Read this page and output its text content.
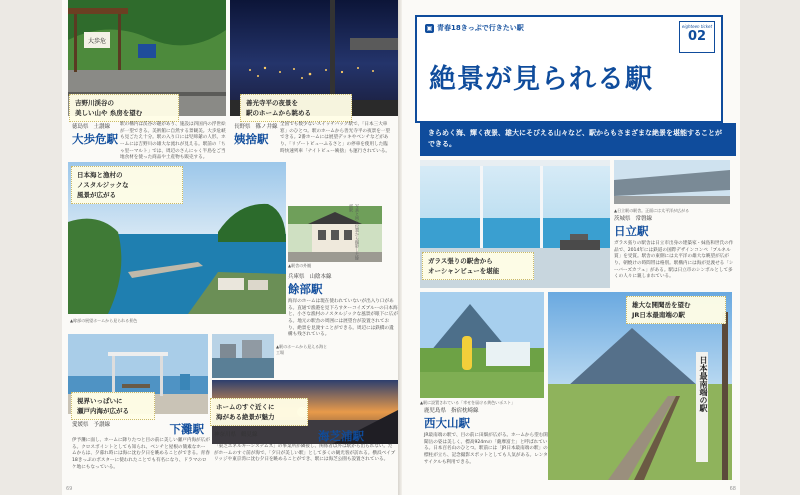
大歩危
吉野川渓谷の
美しい山や 糸房を望む
善光寺平の夜景を
駅のホームから眺める
徳島県 土讃線
大歩危駅
駅の構内は渓谷の趣があり、施設は四国内の浮世絵が一望できる。美術館に自然する景観美。大歩危峡も見ごたえ十分。駅の入り口には児啼爺の人形。ホームには吉野川の雄大な流れが見える。駅前の「ちゃ里ーマルト」では、周辺のさんにゃく半島をご当地食材を使った商品や土産物も販売する。
長野県 篠ノ井線
姨捨駅
全国でも数少ないスイッチバック駅で、「日本三大車窓」のひとつ。駅のホームから善光寺平の夜景を一望できる。2番ホームには展望デッキやベンチなどがあり、「リゾートビューふるさと」の停車を使用した臨時快速列車「ナイトビュー姨捨」も運行されている。
日本海と漁村の
ノスタルジックな
風景が広がる
▲餘部の展望ホームから見られる景色
▲駅舎の外観
写真と同じ位置から撮影した餘部駅
兵庫県 山陰本線
餘部駅
海岸のホームは現在使われていないが出入り口がある。直通で漁港を見下ろすターコイズブルーの日本海と、小さな漁村のノスタルジックな風景が眼下に広がる。地元の駅舎の周囲には展望台が設置されており、絶景を見渡すことができる。周辺には鉄橋の遺構も残されている。
視界いっぱいに
瀬戸内海が広がる
▲駅のホームから見える海と工場
ホームのすぐ近くに
海がある絶景が魅力
愛媛県 予讃線	下灘駅
伊予灘に面し、ホームに降りたつと目の前に美しい瀬戸内海が広がる。クロスポイントとしても知られ、ベンチと屋根の簡素なホームからは、夕暮れ時には海に沈む夕日を眺めることができる。青春18きっぷのポスターに使われたことでも有名になり、ドラマのロケ地にもなっている。
神奈川県 鶴見線	海芝浦駅
「東芝エネルギーシステムズ」の事業所が隣接し、関係者以外は駅から出られない。だがホームのすぐ前が海で、「夕日が美しい駅」として多くの観光客が訪れる。横浜ベイブリッジや東京湾に沈む夕日を眺めることができ、駅には海芝公園も設置されている。
69	68
▣ 青春18きっぷで行きたい駅	eighteen ticket
02
絶景が見られる駅
きらめく海、輝く夜景、雄大にそびえる山々など、駅からもさまざまな絶景を堪能することができる。
ガラス張りの駅舎から
オーシャンビューを堪能
▲日立駅の駅舎。正面には太平洋が広がる
茨城県 常磐線
日立駅
ガラス張りの駅舎は日立市出身の建築家・妹島和世氏の作品で、2014年には鉄道の国際デザインコンペ「ブルネル賞」を受賞。駅舎の東側には太平洋の雄大な眺望が広がり、朝焼けの時間帯は格別。駅構内には海が見渡せる「シーバーズカフェ」がある。駅は日立市のシンボルとして多くの人々に親しまれている。
▲駅に設置されている「幸せを届ける黄色いポスト」
雄大な開聞岳を望む
JR日本最南端の駅
日本最南端の駅
鹿児島県 指宿枕崎線
西大山駅
JR最南端の駅で、目の前に田畑が広がる。ホームから望む開聞岳の姿は美しく、標高924mの「薩摩富士」と呼ばれている。日本百名山のひとつ。駅前には「JR日本最南端の駅」の標柱が立ち、記念撮影スポットとしても人気がある。レンタサイクルも利用できる。
